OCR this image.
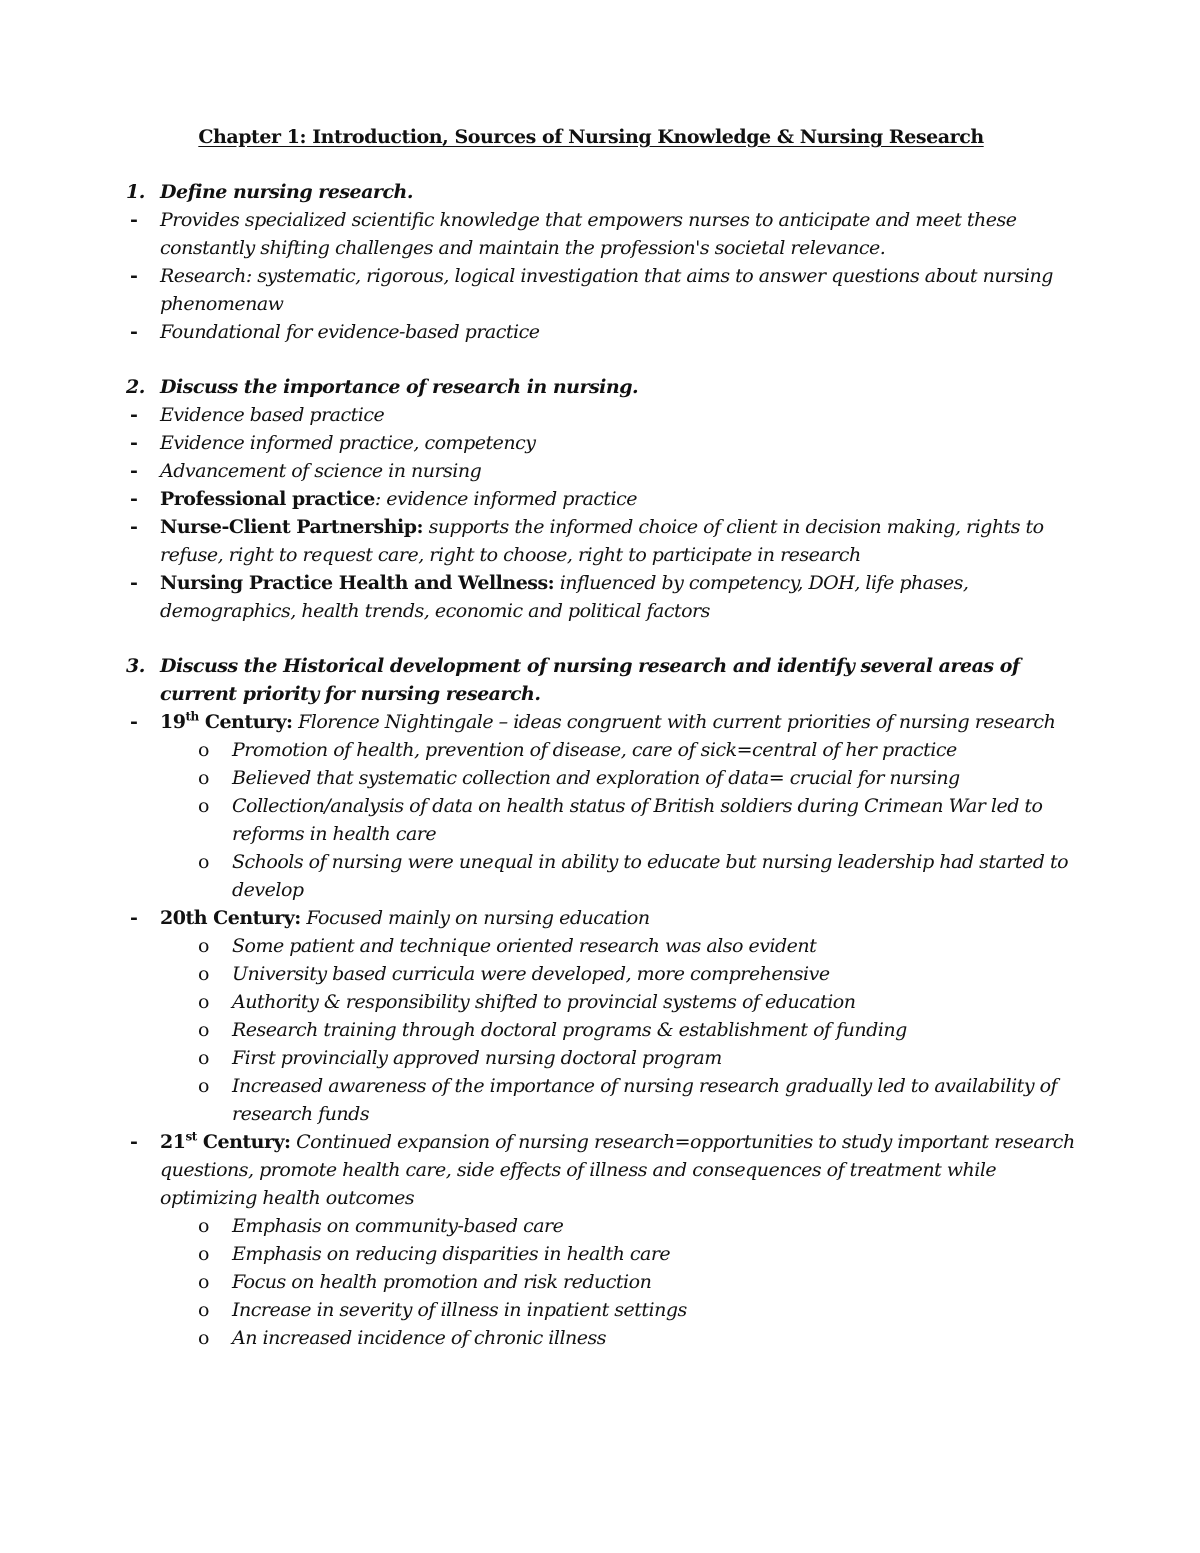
Chapter 1: Introduction, Sources of Nursing Knowledge & Nursing Research
1. Define nursing research.
-	Provides specialized scientific knowledge that empowers nurses to anticipate and meet these constantly shifting challenges and maintain the profession's societal relevance.
-	Research: systematic, rigorous, logical investigation that aims to answer questions about nursing phenomenaw
-	Foundational for evidence-based practice
2. Discuss the importance of research in nursing.
-	Evidence based practice
-	Evidence informed practice, competency
-	Advancement of science in nursing
-	Professional practice: evidence informed practice
-	Nurse-Client Partnership: supports the informed choice of client in decision making, rights to refuse, right to request care, right to choose, right to participate in research
-	Nursing Practice Health and Wellness: influenced by competency, DOH, life phases, demographics, health trends, economic and political factors
3. Discuss the Historical development of nursing research and identify several areas of current priority for nursing research.
-	19th Century: Florence Nightingale – ideas congruent with current priorities of nursing research
o	Promotion of health, prevention of disease, care of sick=central of her practice
o	Believed that systematic collection and exploration of data= crucial for nursing
o	Collection/analysis of data on health status of British soldiers during Crimean War led to reforms in health care
o	Schools of nursing were unequal in ability to educate but nursing leadership had started to develop
-	20th Century: Focused mainly on nursing education
o	Some patient and technique oriented research was also evident
o	University based curricula were developed, more comprehensive
o	Authority & responsibility shifted to provincial systems of education
o	Research training through doctoral programs & establishment of funding
o	First provincially approved nursing doctoral program
o	Increased awareness of the importance of nursing research gradually led to availability of research funds
-	21st Century: Continued expansion of nursing research=opportunities to study important research questions, promote health care, side effects of illness and consequences of treatment while optimizing health outcomes
o	Emphasis on community-based care
o	Emphasis on reducing disparities in health care
o	Focus on health promotion and risk reduction
o	Increase in severity of illness in inpatient settings
o	An increased incidence of chronic illness
